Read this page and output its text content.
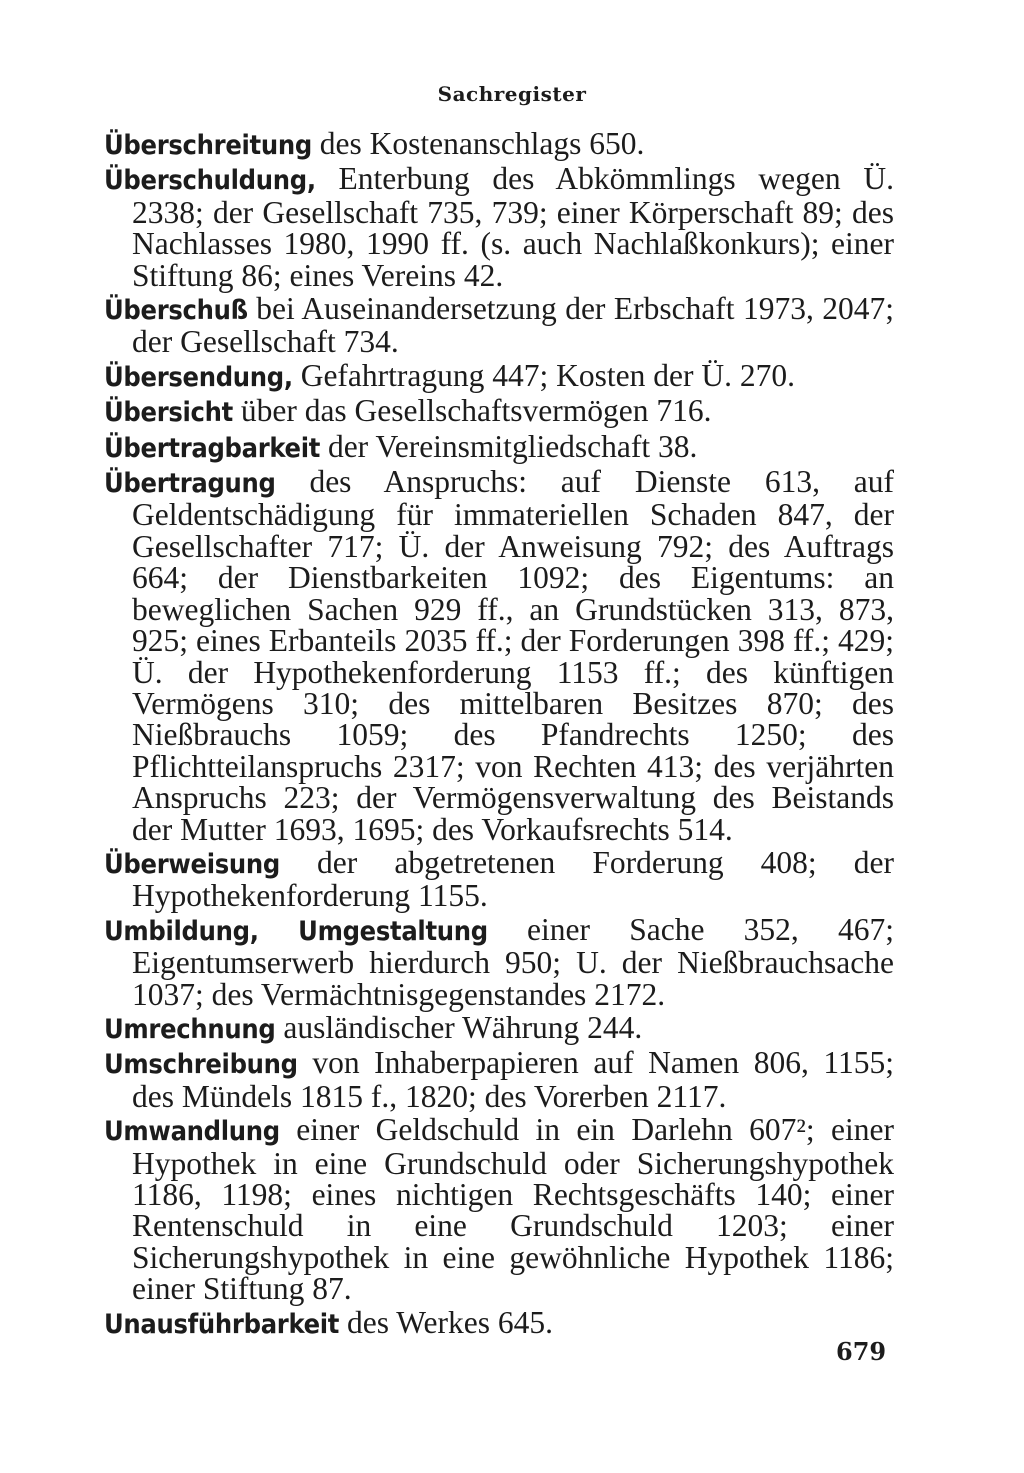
Sachregister

Überschreitung des Kostenanschlags 650.

Überschuldung, Enterbung des Abkömmlings wegen Ü. 2338; der Gesellschaft 735, 739; einer Körperschaft 89; des Nachlasses 1980, 1990 ff. (s. auch Nachlaßkonkurs); einer Stiftung 86; eines Vereins 42.

Überschuß bei Auseinandersetzung der Erbschaft 1973, 2047; der Gesellschaft 734.

Übersendung, Gefahrtragung 447; Kosten der Ü. 270.

Übersicht über das Gesellschaftsvermögen 716.

Übertragbarkeit der Vereinsmitgliedschaft 38.

Übertragung des Anspruchs: auf Dienste 613, auf Geldentschädigung für immateriellen Schaden 847, der Gesellschafter 717; Ü. der Anweisung 792; des Auftrags 664; der Dienstbarkeiten 1092; des Eigentums: an beweglichen Sachen 929 ff., an Grundstücken 313, 873, 925; eines Erbanteils 2035 ff.; der Forderungen 398 ff.; 429; Ü. der Hypothekenforderung 1153 ff.; des künftigen Vermögens 310; des mittelbaren Besitzes 870; des Nießbrauchs 1059; des Pfandrechts 1250; des Pflichtteilanspruchs 2317; von Rechten 413; des verjährten Anspruchs 223; der Vermögensverwaltung des Beistands der Mutter 1693, 1695; des Vorkaufsrechts 514.

Überweisung der abgetretenen Forderung 408; der Hypothekenforderung 1155.

Umbildung, Umgestaltung einer Sache 352, 467; Eigentumserwerb hierdurch 950; U. der Nießbrauchsache 1037; des Vermächtnisgegenstandes 2172.

Umrechnung ausländischer Währung 244.

Umschreibung von Inhaberpapieren auf Namen 806, 1155; des Mündels 1815 f., 1820; des Vorerben 2117.

Umwandlung einer Geldschuld in ein Darlehn 607²; einer Hypothek in eine Grundschuld oder Sicherungshypothek 1186, 1198; eines nichtigen Rechtsgeschäfts 140; einer Rentenschuld in eine Grundschuld 1203; einer Sicherungshypothek in eine gewöhnliche Hypothek 1186; einer Stiftung 87.

Unausführbarkeit des Werkes 645.

679
